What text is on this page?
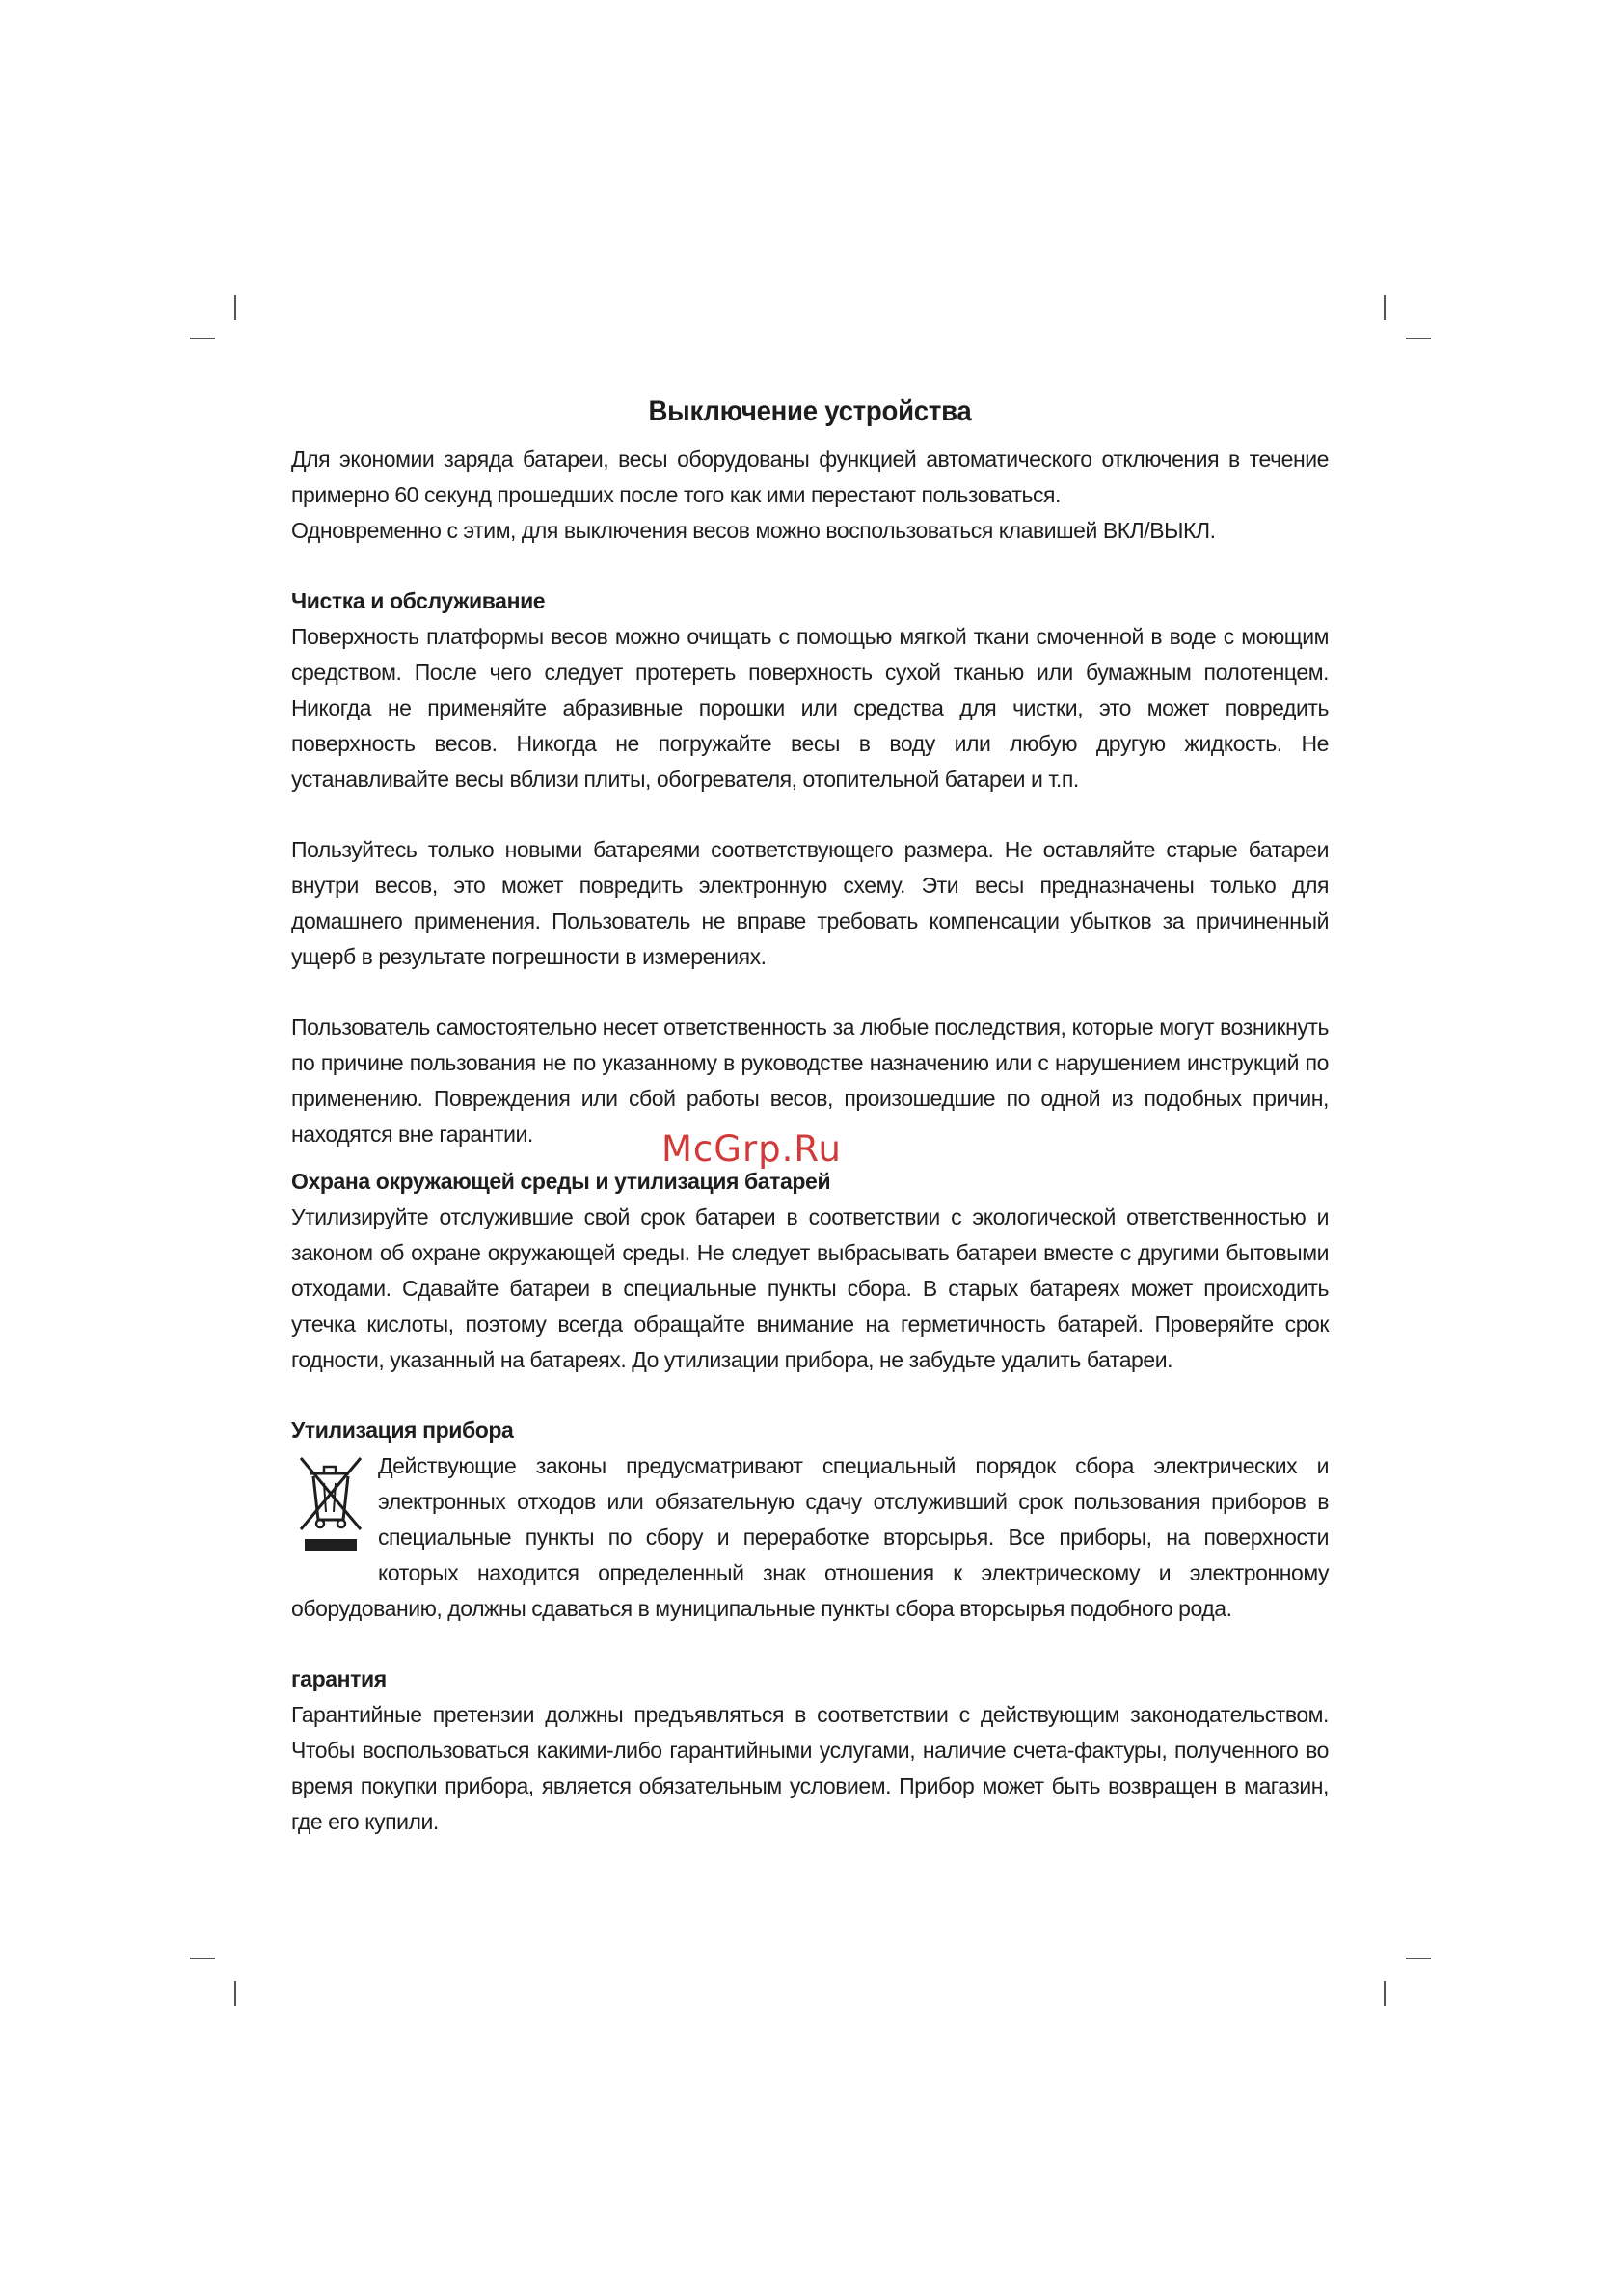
Выключение устройства

Для экономии заряда батареи, весы оборудованы функцией автоматического отключения в течение примерно 60 секунд прошедших после того как ими перестают пользоваться.

Одновременно с этим, для выключения весов можно воспользоваться клавишей ВКЛ/ВЫКЛ.

Чистка и обслуживание

Поверхность платформы весов можно очищать с помощью мягкой ткани смоченной в воде с моющим средством. После чего следует протереть поверхность сухой тканью или бумажным полотенцем. Никогда не применяйте абразивные порошки или средства для чистки, это может повредить поверхность весов. Никогда не погружайте весы в воду или любую другую жидкость. Не устанавливайте весы вблизи плиты, обогревателя, отопительной батареи и т.п.

Пользуйтесь только новыми батареями соответствующего размера. Не оставляйте старые батареи внутри весов, это может повредить электронную схему. Эти весы предназначены только для домашнего применения. Пользователь не вправе требовать компенсации убытков за причиненный ущерб в результате погрешности в измерениях.

Пользователь самостоятельно несет ответственность за любые последствия, которые могут возникнуть по причине пользования не по указанному в руководстве назначению или с нарушением инструкций по применению. Повреждения или сбой работы весов, произошедшие по одной из подобных причин, находятся вне гарантии.

Охрана окружающей среды и утилизация батарей

Утилизируйте отслужившие свой срок батареи в соответствии с экологической ответственностью и законом об охране окружающей среды. Не следует выбрасывать батареи вместе с другими бытовыми отходами. Сдавайте батареи в специальные пункты сбора. В старых батареях может происходить утечка кислоты, поэтому всегда обращайте внимание на герметичность батарей. Проверяйте срок годности, указанный на батареях. До утилизации прибора, не забудьте удалить батареи.

Утилизация прибора

Действующие законы предусматривают специальный порядок сбора электрических и электронных отходов или обязательную сдачу отслуживший срок пользования приборов в специальные пункты по сбору и переработке вторсырья. Все приборы, на поверхности которых находится определенный знак отношения к электрическому и электронному оборудованию, должны сдаваться в муниципальные пункты сбора вторсырья подобного рода.

гарантия

Гарантийные претензии должны предъявляться в соответствии с действующим законодательством. Чтобы воспользоваться какими-либо гарантийными услугами, наличие счета-фактуры, полученного во время покупки прибора, является обязательным условием. Прибор может быть возвращен в магазин, где его купили.

McGrp.Ru
